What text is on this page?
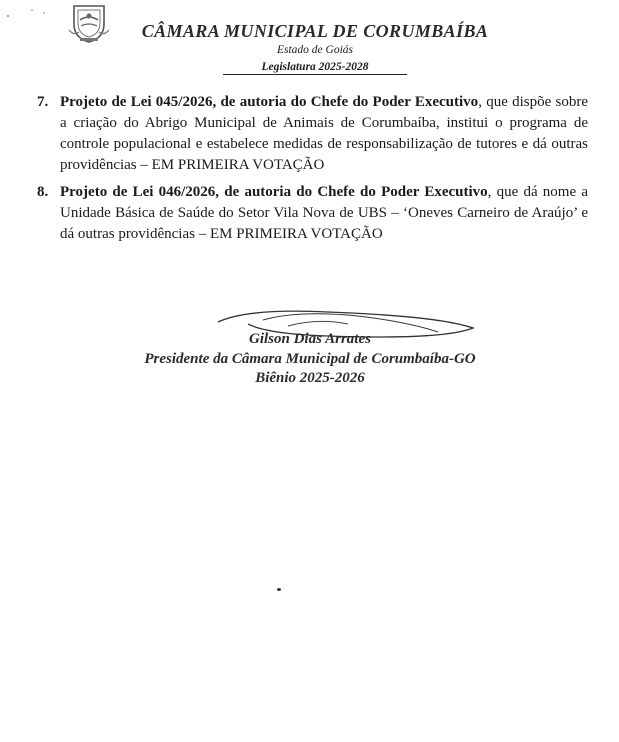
CÂMARA MUNICIPAL DE CORUMBAÍBA
Estado de Goiás
Legislatura 2025-2028
7. Projeto de Lei 045/2026, de autoria do Chefe do Poder Executivo, que dispõe sobre a criação do Abrigo Municipal de Animais de Corumbaíba, institui o programa de controle populacional e estabelece medidas de responsabilização de tutores e dá outras providências – EM PRIMEIRA VOTAÇÃO
8. Projeto de Lei 046/2026, de autoria do Chefe do Poder Executivo, que dá nome a Unidade Básica de Saúde do Setor Vila Nova de UBS – ‘Oneves Carneiro de Araújo’ e dá outras providências – EM PRIMEIRA VOTAÇÃO
Gilson Dias Arrates
Presidente da Câmara Municipal de Corumbaíba-GO
Biênio 2025-2026
